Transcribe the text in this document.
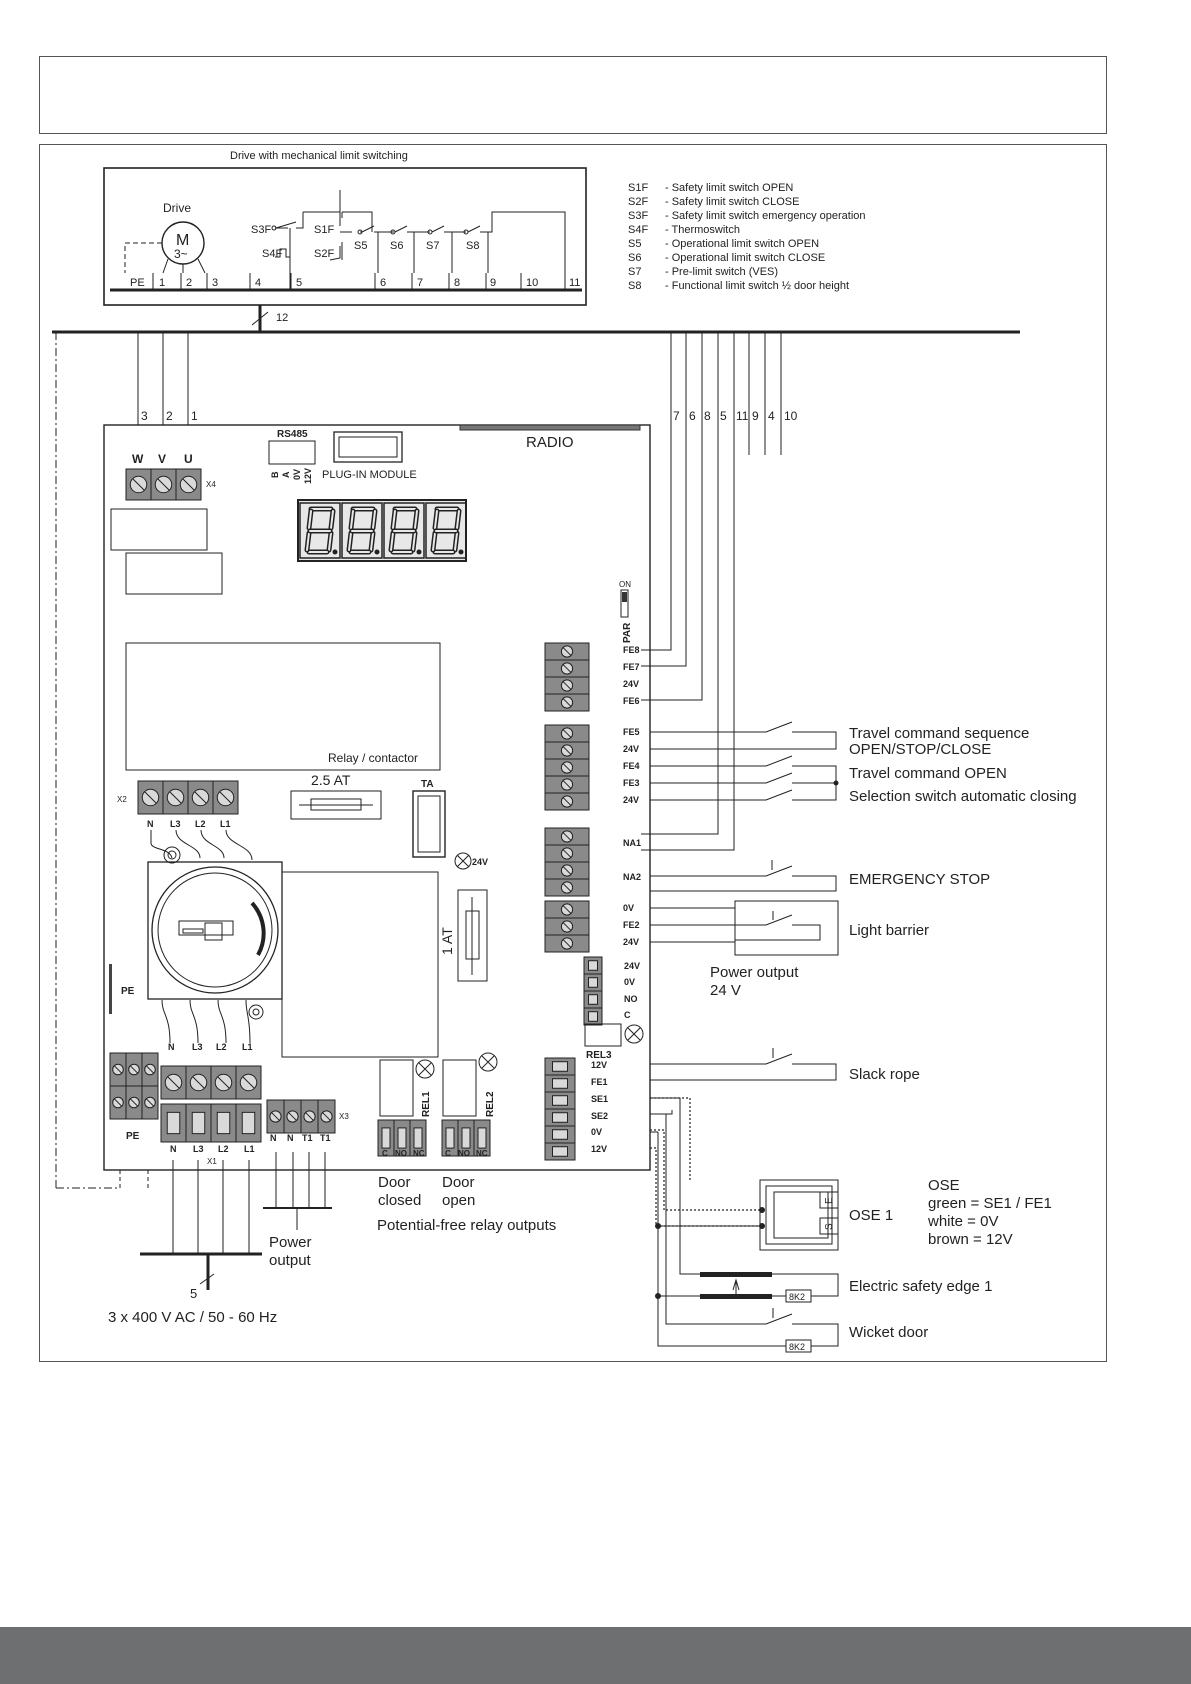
Drive with mechanical limit switching
PE 1 2 3	4	5	6	7	8	9	10	11
Drive
M
3~
S3F
S4F
S1F
S2F
S5 S6 S7 S8
S1F - Safety limit switch OPEN
S2F - Safety limit switch CLOSE
S3F - Safety limit switch emergency operation
S4F - Thermoswitch
S5 - Operational limit switch OPEN
S6 - Operational limit switch CLOSE
S7 - Pre-limit switch (VES)
S8 - Functional limit switch ½ door height
12
3 2 1	7 6 8 5 11 9 4 10
RADIO
RS485
B A 0V 12V PLUG-IN MODULE
W V U
X4
ON
PAR
Relay / contactor
2.5 AT	TA
24V
X2
N L3 L2 L1
1 AT
PE
N L3 L2 L1
PE
N L3 L2 L1
X1
X3
N N T1 T1
REL1	REL2
C NO NC	C NO NC
24V
0V
NO
C
REL3
FE8
FE7
24V
FE6
FE5
24V
FE4
FE3
24V
NA1
NA2
0V
FE2
24V
12V
FE1
SE1
SE2
0V
12V
E
S
8K2
8K2
Travel command sequence
OPEN/STOP/CLOSE
Travel command OPEN
Selection switch automatic closing
EMERGENCY STOP
Light barrier
Power output
24 V
Slack rope
OSE
green = SE1 / FE1
white = 0V
brown = 12V
OSE 1
Electric safety edge 1
Wicket door
5
3 x 400 V AC / 50 - 60 Hz
Power
output
Door
closed
Door
open
Potential-free relay outputs
